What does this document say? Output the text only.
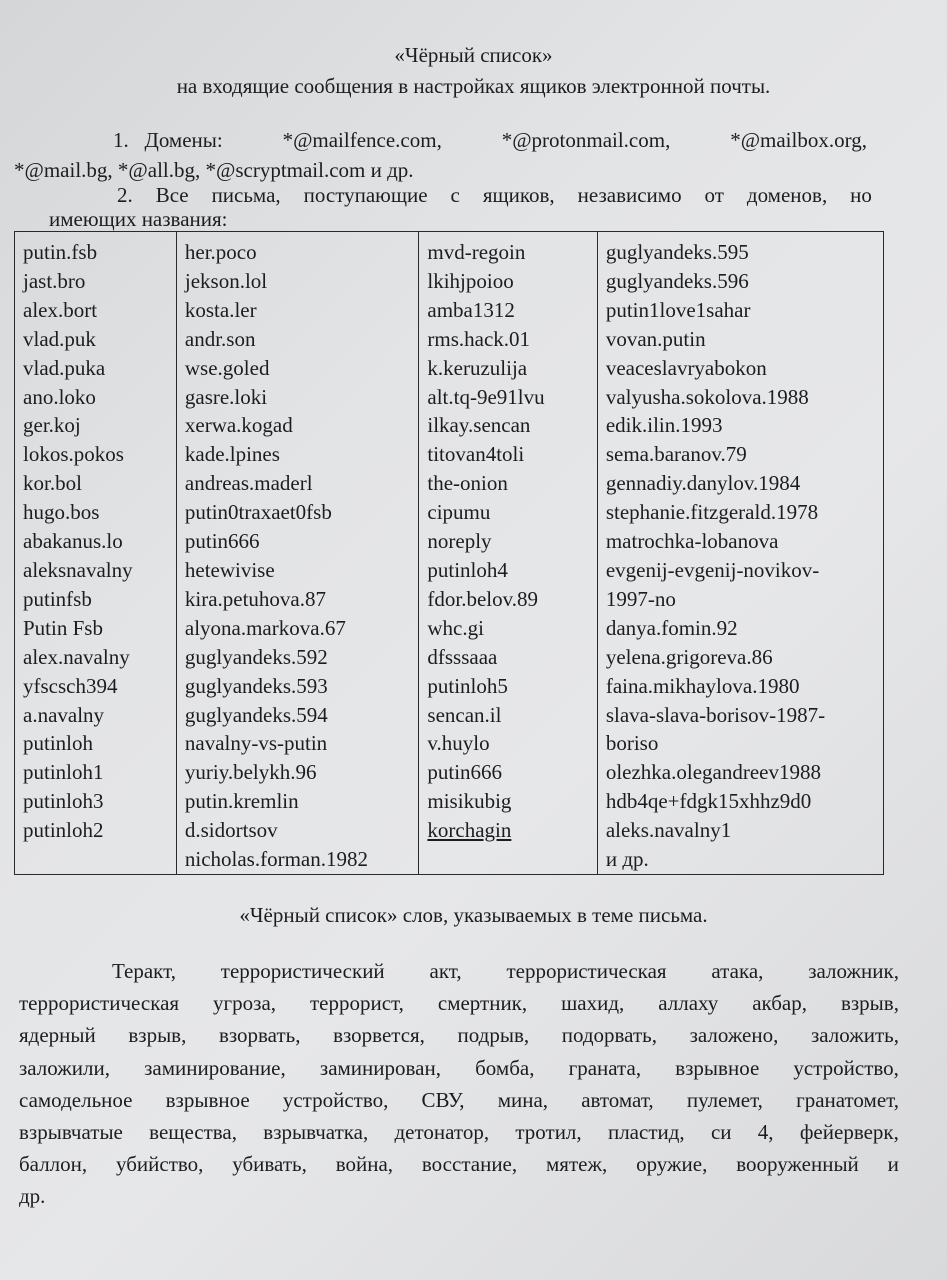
«Чёрный список»
на входящие сообщения в настройках ящиков электронной почты.
1. Домены:	*@mailfence.com,	*@protonmail.com,	*@mailbox.org,
*@mail.bg, *@all.bg, *@scryptmail.com и др.
2. Все письма, поступающие с ящиков, независимо от доменов, но
имеющих названия:
putin.fsb
jast.bro
alex.bort
vlad.puk
vlad.puka
ano.loko
ger.koj
lokos.pokos
kor.bol
hugo.bos
abakanus.lo
aleksnavalny
putinfsb
Putin Fsb
alex.navalny
yfscsch394
a.navalny
putinloh
putinloh1
putinloh3
putinloh2

her.poco
jekson.lol
kosta.ler
andr.son
wse.goled
gasre.loki
xerwa.kogad
kade.lpines
andreas.maderl
putin0traxaet0fsb
putin666
hetewivise
kira.petuhova.87
alyona.markova.67
guglyandeks.592
guglyandeks.593
guglyandeks.594
navalny-vs-putin
yuriy.belykh.96
putin.kremlin
d.sidortsov
nicholas.forman.1982

mvd-regoin
lkihjpoioo
amba1312
rms.hack.01
k.keruzulija
alt.tq-9e91lvu
ilkay.sencan
titovan4toli
the-onion
cipumu
noreply
putinloh4
fdor.belov.89
whc.gi
dfsssaaa
putinloh5
sencan.il
v.huylo
putin666
misikubig
korchagin

guglyandeks.595
guglyandeks.596
putin1love1sahar
vovan.putin
veaceslavryabokon
valyusha.sokolova.1988
edik.ilin.1993
sema.baranov.79
gennadiy.danylov.1984
stephanie.fitzgerald.1978
matrochka-lobanova
evgenij-evgenij-novikov-
1997-no
danya.fomin.92
yelena.grigoreva.86
faina.mikhaylova.1980
slava-slava-borisov-1987-
boriso
olezhka.olegandreev1988
hdb4qe+fdgk15xhhz9d0
aleks.navalny1
и др.
«Чёрный список» слов, указываемых в теме письма.
Теракт, террористический акт, террористическая атака, заложник,
террористическая угроза, террорист, смертник, шахид, аллаху акбар, взрыв,
ядерный взрыв, взорвать, взорвется, подрыв, подорвать, заложено, заложить,
заложили, заминирование, заминирован, бомба, граната, взрывное устройство,
самодельное взрывное устройство, СВУ, мина, автомат, пулемет, гранатомет,
взрывчатые вещества, взрывчатка, детонатор, тротил, пластид, си 4, фейерверк,
баллон, убийство, убивать, война, восстание, мятеж, оружие, вооруженный и
др.
